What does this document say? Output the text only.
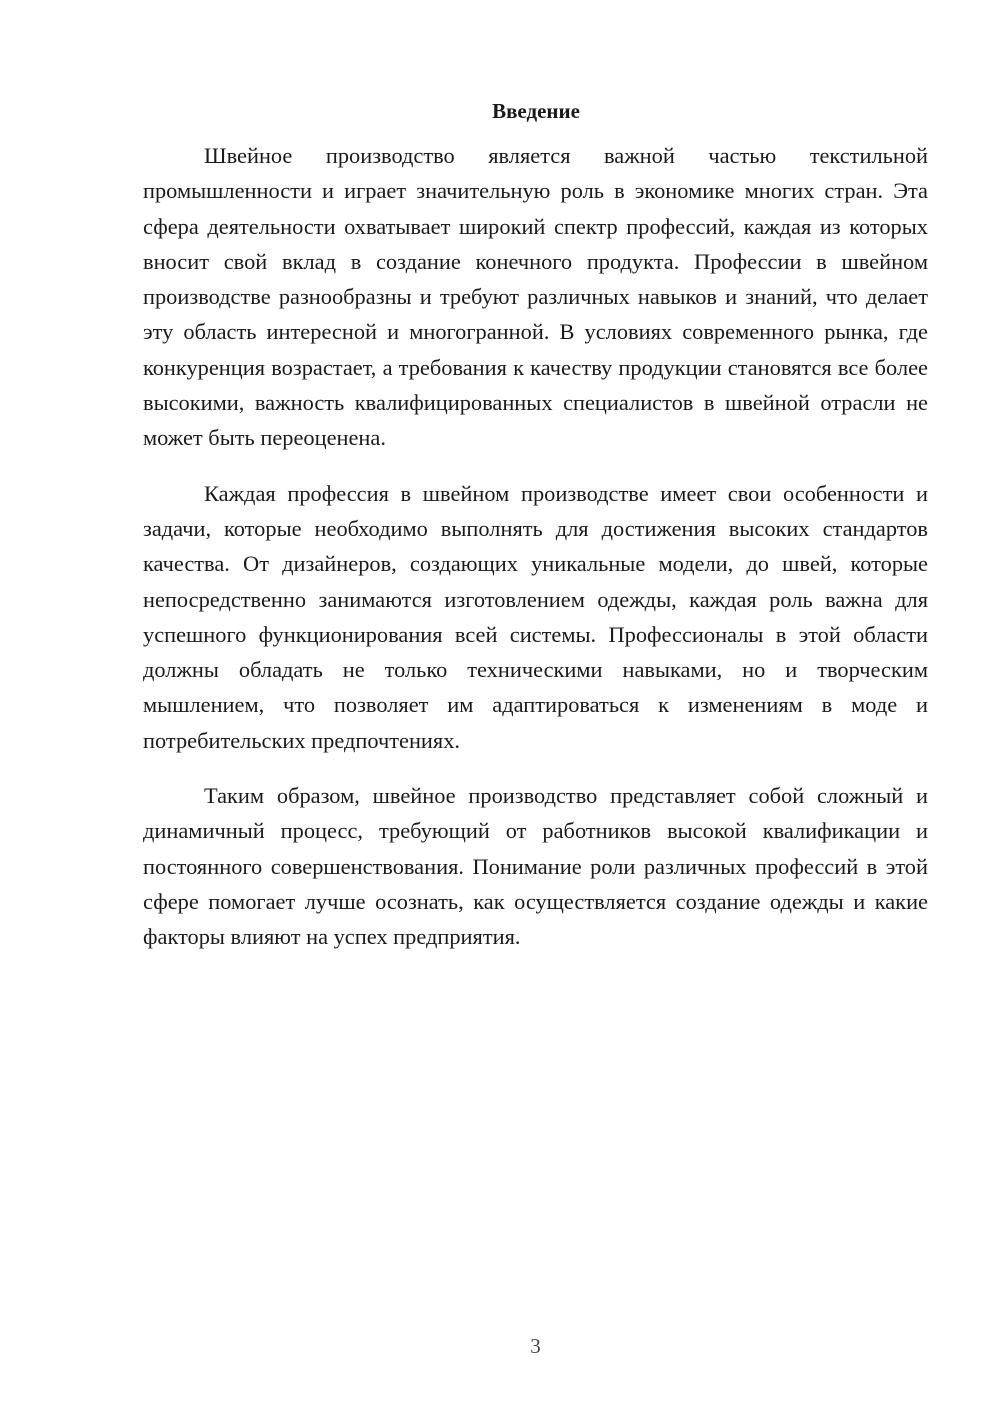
Введение

Швейное производство является важной частью текстильной промышленности и играет значительную роль в экономике многих стран. Эта сфера деятельности охватывает широкий спектр профессий, каждая из которых вносит свой вклад в создание конечного продукта. Профессии в швейном производстве разнообразны и требуют различных навыков и знаний, что делает эту область интересной и многогранной. В условиях современного рынка, где конкуренция возрастает, а требования к качеству продукции становятся все более высокими, важность квалифицированных специалистов в швейной отрасли не может быть переоценена.

Каждая профессия в швейном производстве имеет свои особенности и задачи, которые необходимо выполнять для достижения высоких стандартов качества. От дизайнеров, создающих уникальные модели, до швей, которые непосредственно занимаются изготовлением одежды, каждая роль важна для успешного функционирования всей системы. Профессионалы в этой области должны обладать не только техническими навыками, но и творческим мышлением, что позволяет им адаптироваться к изменениям в моде и потребительских предпочтениях.

Таким образом, швейное производство представляет собой сложный и динамичный процесс, требующий от работников высокой квалификации и постоянного совершенствования. Понимание роли различных профессий в этой сфере помогает лучше осознать, как осуществляется создание одежды и какие факторы влияют на успех предприятия.

3
